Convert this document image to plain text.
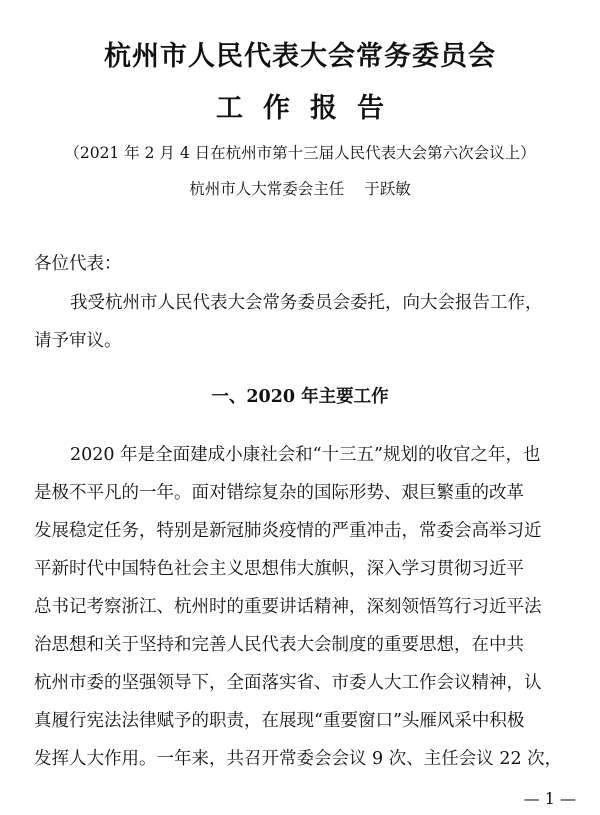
杭州市人民代表大会常务委员会
工作报告
（2021 年 2 月 4 日在杭州市第十三届人民代表大会第六次会议上）
杭州市人大常委会主任 于跃敏
各位代表：
我受杭州市人民代表大会常务委员会委托，向大会报告工作，
请予审议。
一、2020 年主要工作
2020 年是全面建成小康社会和“十三五”规划的收官之年，也
是极不平凡的一年。面对错综复杂的国际形势、艰巨繁重的改革
发展稳定任务，特别是新冠肺炎疫情的严重冲击，常委会高举习近
平新时代中国特色社会主义思想伟大旗帜，深入学习贯彻习近平
总书记考察浙江、杭州时的重要讲话精神，深刻领悟笃行习近平法
治思想和关于坚持和完善人民代表大会制度的重要思想，在中共
杭州市委的坚强领导下，全面落实省、市委人大工作会议精神，认
真履行宪法法律赋予的职责，在展现“重要窗口”头雁风采中积极
发挥人大作用。一年来，共召开常委会会议 9 次、主任会议 22 次，
— 1 —
